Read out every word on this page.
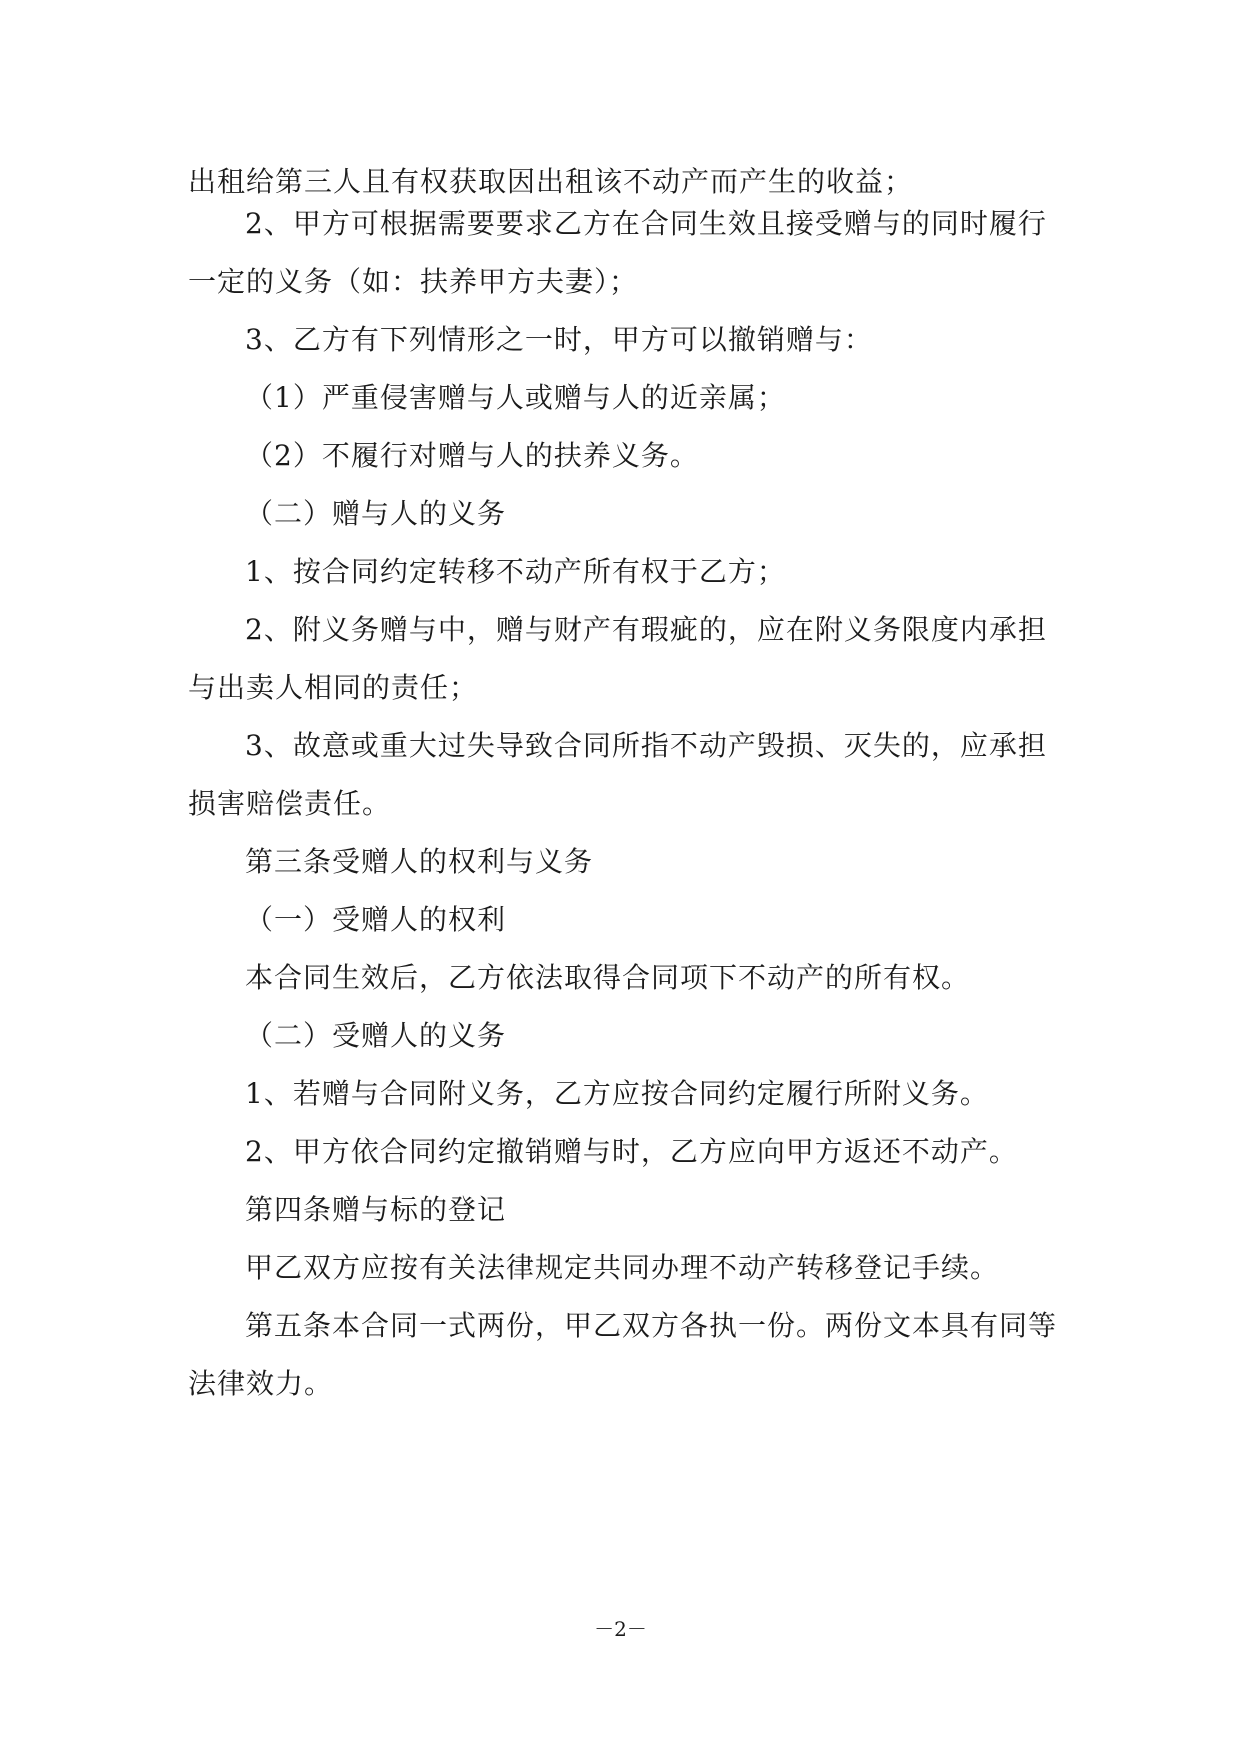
出租给第三人且有权获取因出租该不动产而产生的收益；
2、甲方可根据需要要求乙方在合同生效且接受赠与的同时履行
一定的义务（如：扶养甲方夫妻）；
3、乙方有下列情形之一时，甲方可以撤销赠与：
（1）严重侵害赠与人或赠与人的近亲属；
（2）不履行对赠与人的扶养义务。
（二）赠与人的义务
1、按合同约定转移不动产所有权于乙方；
2、附义务赠与中，赠与财产有瑕疵的，应在附义务限度内承担
与出卖人相同的责任；
3、故意或重大过失导致合同所指不动产毁损、灭失的，应承担
损害赔偿责任。
第三条受赠人的权利与义务
（一）受赠人的权利
本合同生效后，乙方依法取得合同项下不动产的所有权。
（二）受赠人的义务
1、若赠与合同附义务，乙方应按合同约定履行所附义务。
2、甲方依合同约定撤销赠与时，乙方应向甲方返还不动产。
第四条赠与标的登记
甲乙双方应按有关法律规定共同办理不动产转移登记手续。
第五条本合同一式两份，甲乙双方各执一份。两份文本具有同等
法律效力。
－2－
